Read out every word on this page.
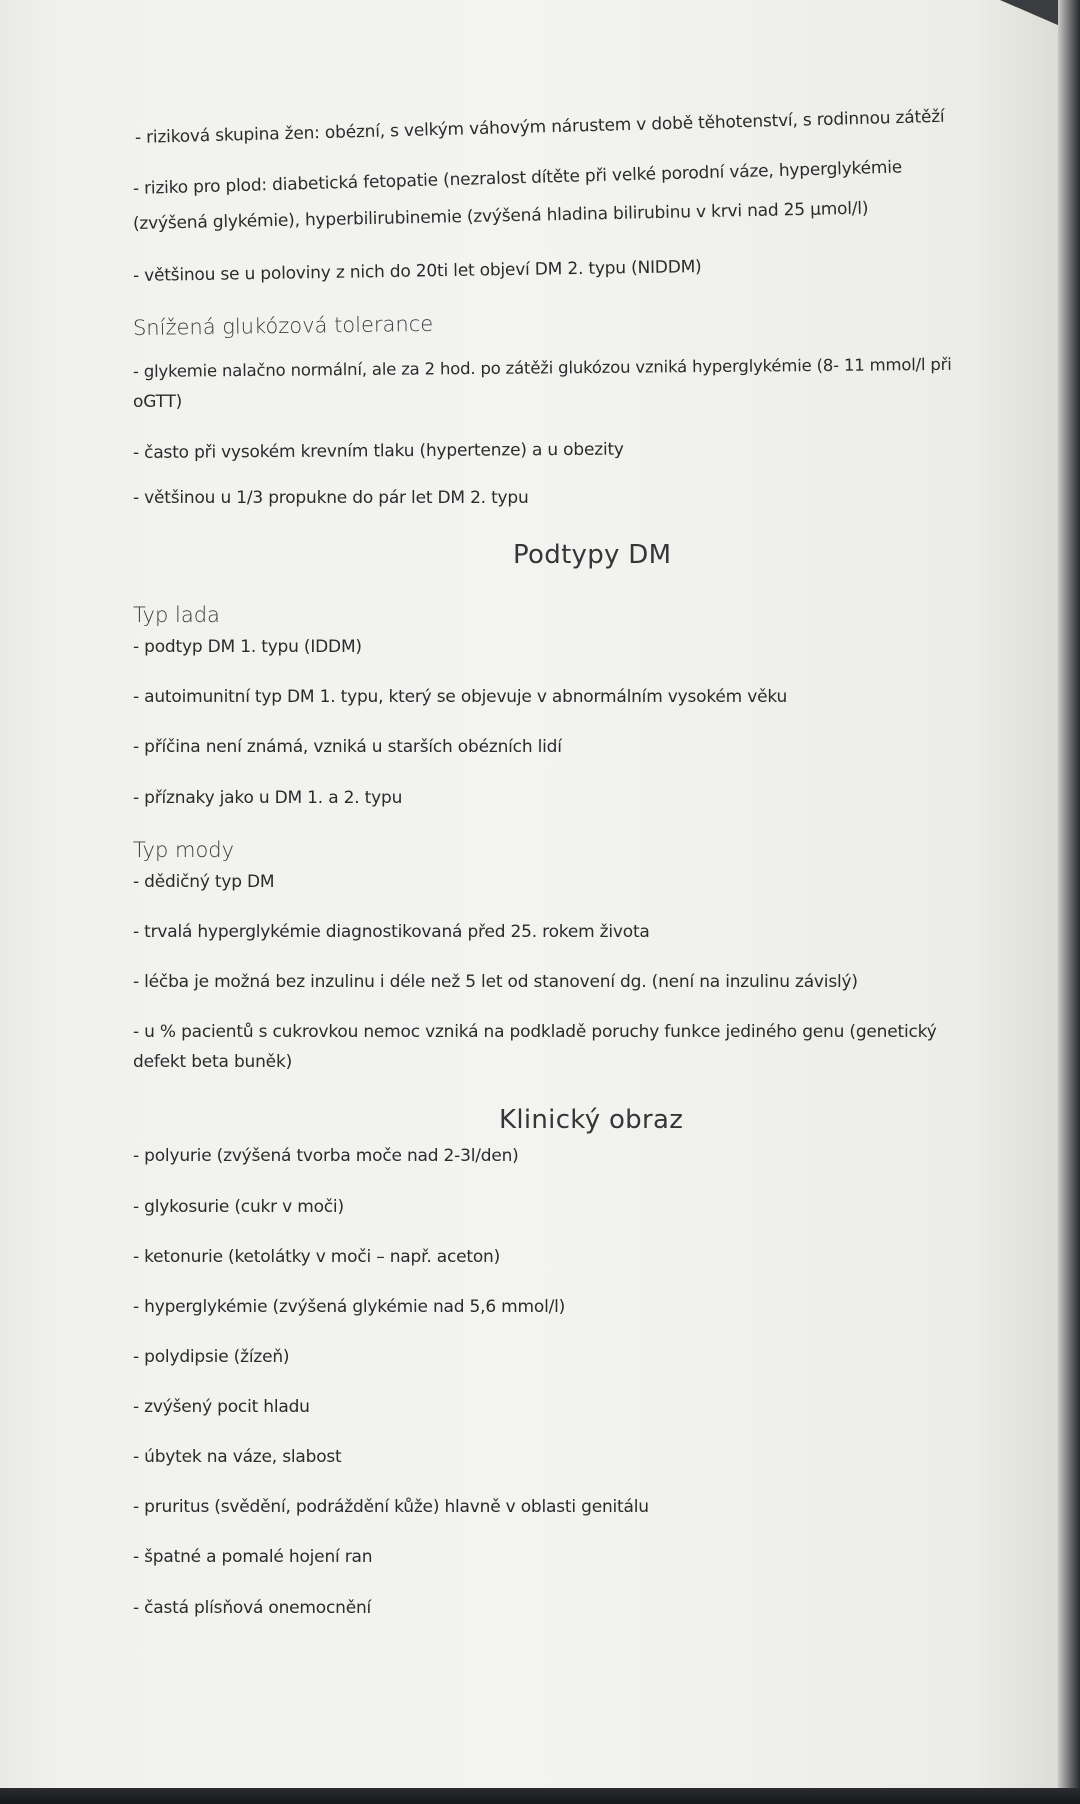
- riziková skupina žen: obézní, s velkým váhovým nárustem v době těhotenství, s rodinnou zátěží
- riziko pro plod: diabetická fetopatie (nezralost dítěte při velké porodní váze, hyperglykémie
(zvýšená glykémie), hyperbilirubinemie (zvýšená hladina bilirubinu v krvi nad 25 µmol/l)
- většinou se u poloviny z nich do 20ti let objeví DM 2. typu (NIDDM)
Snížená glukózová tolerance
- glykemie nalačno normální, ale za 2 hod. po zátěži glukózou vzniká hyperglykémie (8- 11 mmol/l při
oGTT)
- často při vysokém krevním tlaku (hypertenze) a u obezity
- většinou u 1/3 propukne do pár let DM 2. typu
Podtypy DM
Typ lada
- podtyp DM 1. typu (IDDM)
- autoimunitní typ DM 1. typu, který se objevuje v abnormálním vysokém věku
- příčina není známá, vzniká u starších obézních lidí
- příznaky jako u DM 1. a 2. typu
Typ mody
- dědičný typ DM
- trvalá hyperglykémie diagnostikovaná před 25. rokem života
- léčba je možná bez inzulinu i déle než 5 let od stanovení dg. (není na inzulinu závislý)
- u % pacientů s cukrovkou nemoc vzniká na podkladě poruchy funkce jediného genu (genetický
defekt beta buněk)
Klinický obraz
- polyurie (zvýšená tvorba moče nad 2-3l/den)
- glykosurie (cukr v moči)
- ketonurie (ketolátky v moči – např. aceton)
- hyperglykémie (zvýšená glykémie nad 5,6 mmol/l)
- polydipsie (žízeň)
- zvýšený pocit hladu
- úbytek na váze, slabost
- pruritus (svědění, podráždění kůže) hlavně v oblasti genitálu
- špatné a pomalé hojení ran
- častá plísňová onemocnění
